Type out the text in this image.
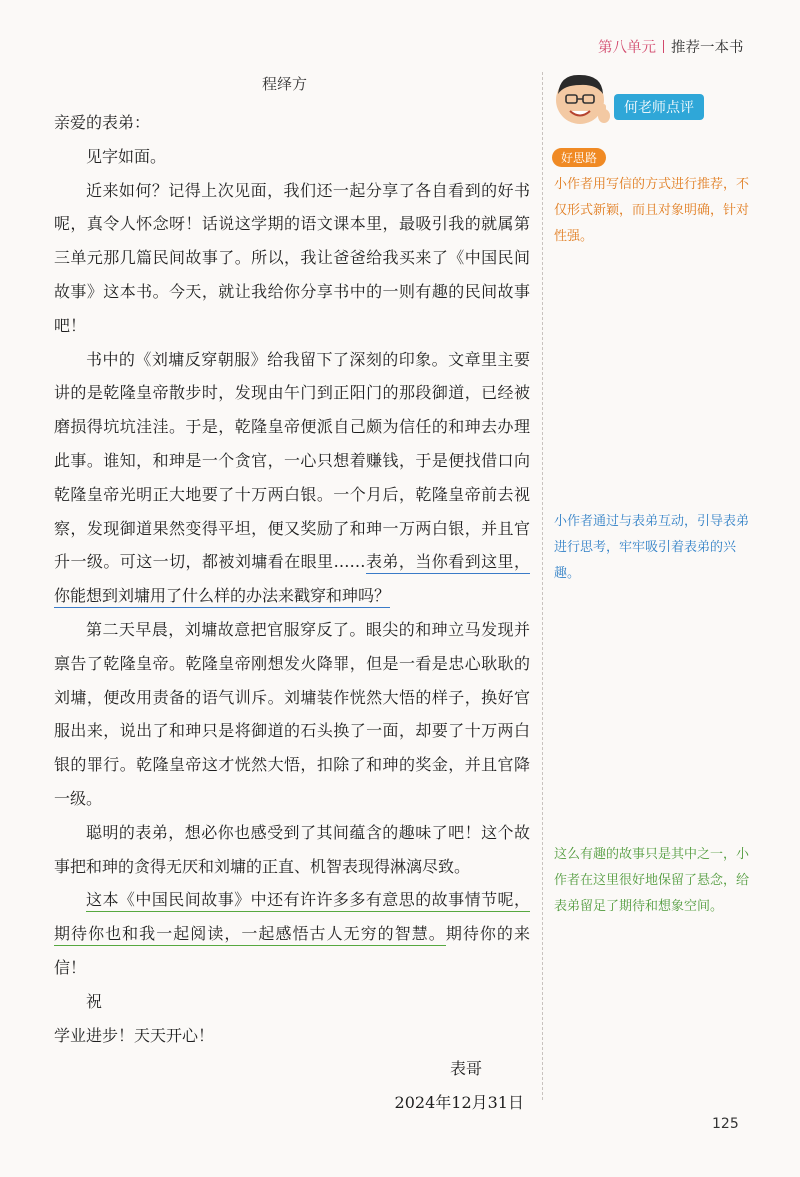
第八单元 推荐一本书
程绎方

亲爱的表弟：

见字如面。

近来如何？记得上次见面，我们还一起分享了各自看到的好书呢，真令人怀念呀！话说这学期的语文课本里，最吸引我的就属第三单元那几篇民间故事了。所以，我让爸爸给我买来了《中国民间故事》这本书。今天，就让我给你分享书中的一则有趣的民间故事吧！

书中的《刘墉反穿朝服》给我留下了深刻的印象。文章里主要讲的是乾隆皇帝散步时，发现由午门到正阳门的那段御道，已经被磨损得坑坑洼洼。于是，乾隆皇帝便派自己颇为信任的和珅去办理此事。谁知，和珅是一个贪官，一心只想着赚钱，于是便找借口向乾隆皇帝光明正大地要了十万两白银。一个月后，乾隆皇帝前去视察，发现御道果然变得平坦，便又奖励了和珅一万两白银，并且官升一级。可这一切，都被刘墉看在眼里……表弟，当你看到这里，你能想到刘墉用了什么样的办法来戳穿和珅吗？

第二天早晨，刘墉故意把官服穿反了。眼尖的和珅立马发现并禀告了乾隆皇帝。乾隆皇帝刚想发火降罪，但是一看是忠心耿耿的刘墉，便改用责备的语气训斥。刘墉装作恍然大悟的样子，换好官服出来，说出了和珅只是将御道的石头换了一面，却要了十万两白银的罪行。乾隆皇帝这才恍然大悟，扣除了和珅的奖金，并且官降一级。

聪明的表弟，想必你也感受到了其间蕴含的趣味了吧！这个故事把和珅的贪得无厌和刘墉的正直、机智表现得淋漓尽致。

这本《中国民间故事》中还有许许多多有意思的故事情节呢，期待你也和我一起阅读，一起感悟古人无穷的智慧。期待你的来信！

祝

学业进步！天天开心！

表哥

2024年12月31日

何老师点评
好思路
小作者用写信的方式进行推荐，不仅形式新颖，而且对象明确，针对性强。
小作者通过与表弟互动，引导表弟进行思考，牢牢吸引着表弟的兴趣。
这么有趣的故事只是其中之一，小作者在这里很好地保留了悬念，给表弟留足了期待和想象空间。
125
